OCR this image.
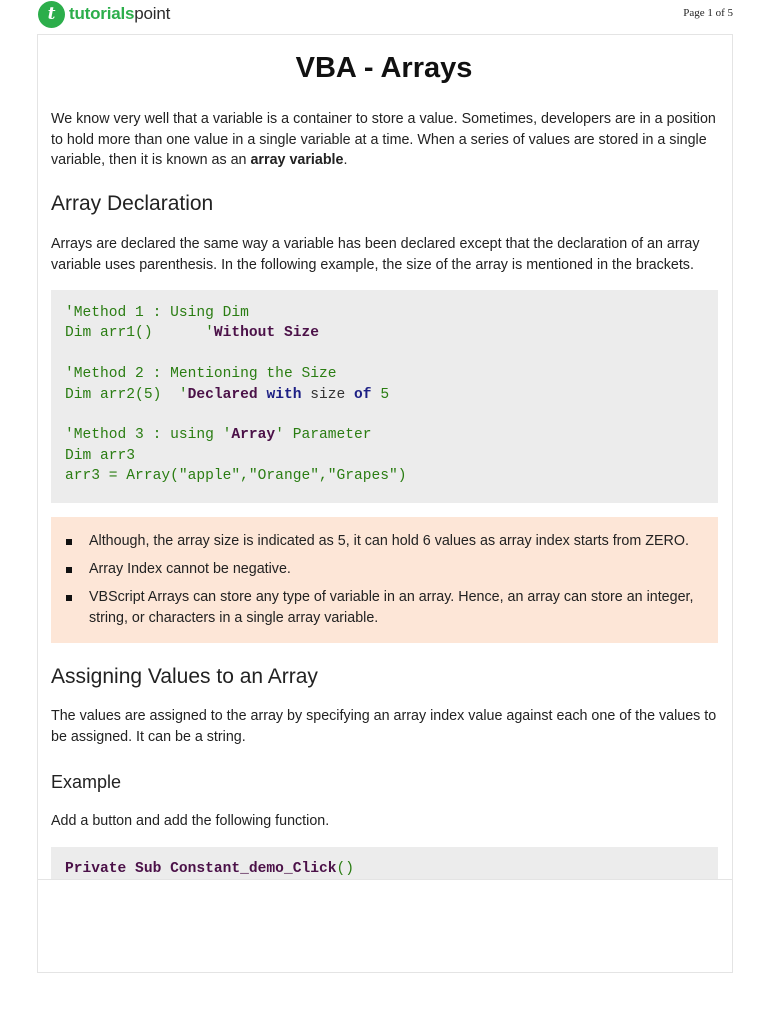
t tutorialspoint	Page 1 of 5
VBA - Arrays
We know very well that a variable is a container to store a value. Sometimes, developers are in a position to hold more than one value in a single variable at a time. When a series of values are stored in a single variable, then it is known as an array variable.
Array Declaration
Arrays are declared the same way a variable has been declared except that the declaration of an array variable uses parenthesis. In the following example, the size of the array is mentioned in the brackets.
'Method 1 : Using Dim
Dim arr1()	'Without Size

'Method 2 : Mentioning the Size
Dim arr2(5) 'Declared with size of 5

'Method 3 : using 'Array' Parameter
Dim arr3
arr3 = Array("apple","Orange","Grapes")
Although, the array size is indicated as 5, it can hold 6 values as array index starts from ZERO.
Array Index cannot be negative.
VBScript Arrays can store any type of variable in an array. Hence, an array can store an integer, string, or characters in a single array variable.
Assigning Values to an Array
The values are assigned to the array by specifying an array index value against each one of the values to be assigned. It can be a string.
Example
Add a button and add the following function.
Private Sub Constant_demo_Click()
